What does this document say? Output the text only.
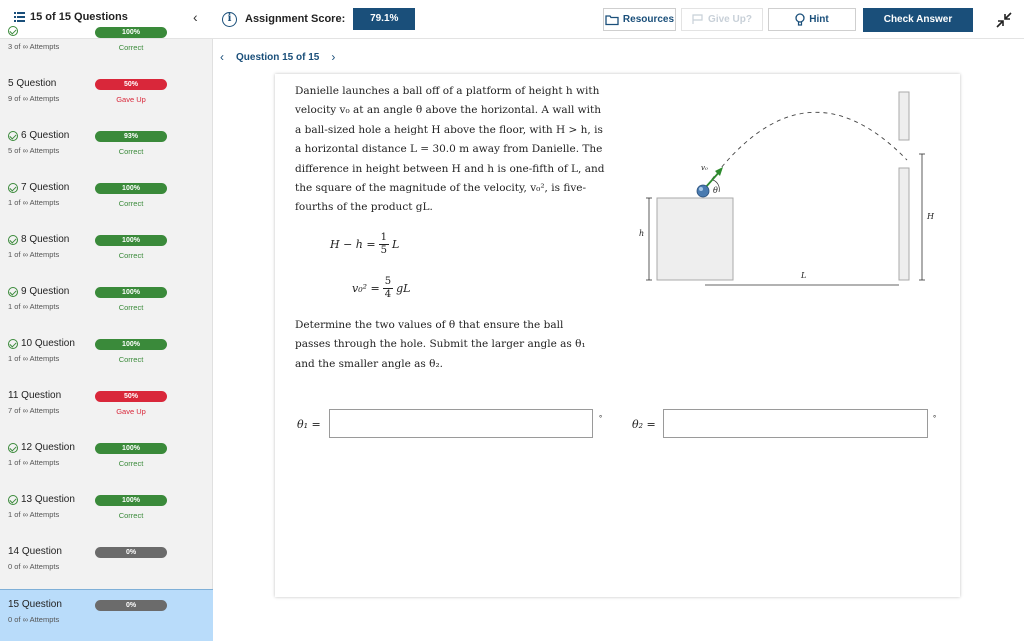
15 of 15 Questions	‹	i	Assignment Score:	79.1%	Resources	Give Up?	Hint	Check Answer
3 of ∞ Attempts
100%
Correct
5 Question
9 of ∞ Attempts
50%
Gave Up
6 Question
5 of ∞ Attempts
93%
Correct
7 Question
1 of ∞ Attempts
100%
Correct
8 Question
1 of ∞ Attempts
100%
Correct
9 Question
1 of ∞ Attempts
100%
Correct
10 Question
1 of ∞ Attempts
100%
Correct
11 Question
7 of ∞ Attempts
50%
Gave Up
12 Question
1 of ∞ Attempts
100%
Correct
13 Question
1 of ∞ Attempts
100%
Correct
14 Question
0 of ∞ Attempts
0%
15 Question
0 of ∞ Attempts
0%
‹ Question 15 of 15 ›
Danielle launches a ball off of a platform of height h with velocity v₀ at an angle θ above the horizontal. A wall with a ball-sized hole a height H above the floor, with H > h, is a horizontal distance L = 30.0 m away from Danielle. The difference in height between H and h is one-fifth of L, and the square of the magnitude of the velocity, v₀², is five-fourths of the product gL.
$H - h = \frac{1}{5}$ L
$v_0^2 = \frac{5}{4}$ gL
Determine the two values of θ that ensure the ball passes through the hole. Submit the larger angle as θ₁ and the smaller angle as θ₂.
θ₁ =	°	θ₂ =	°
h
H
L
v₀
θ
